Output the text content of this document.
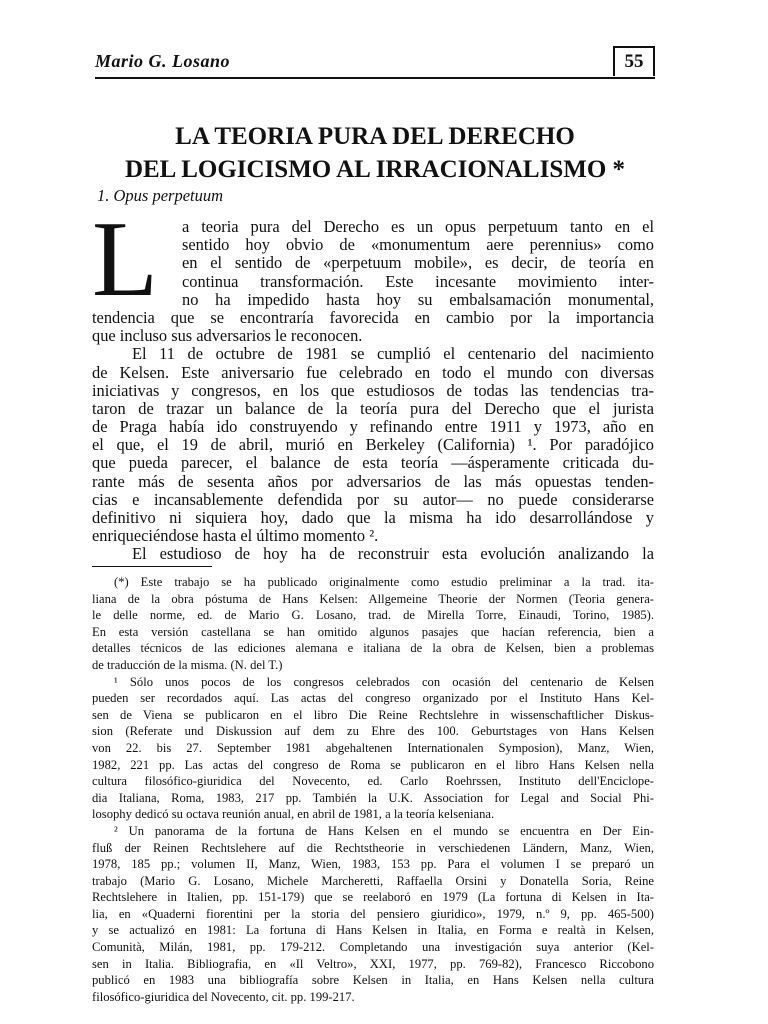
Mario G. Losano	55
LA TEORIA PURA DEL DERECHO
DEL LOGICISMO AL IRRACIONALISMO *
1. Opus perpetuum
L	a teoria pura del Derecho es un opus perpetuum tanto en el
sentido hoy obvio de «monumentum aere perennius» como
en el sentido de «perpetuum mobile», es decir, de teoría en
continua transformación. Este incesante movimiento inter-
no ha impedido hasta hoy su embalsamación monumental,
tendencia que se encontraría favorecida en cambio por la importancia
que incluso sus adversarios le reconocen.
El 11 de octubre de 1981 se cumplió el centenario del nacimiento
de Kelsen. Este aniversario fue celebrado en todo el mundo con diversas
iniciativas y congresos, en los que estudiosos de todas las tendencias tra-
taron de trazar un balance de la teoría pura del Derecho que el jurista
de Praga había ido construyendo y refinando entre 1911 y 1973, año en
el que, el 19 de abril, murió en Berkeley (California) ¹. Por paradójico
que pueda parecer, el balance de esta teoría —ásperamente criticada du-
rante más de sesenta años por adversarios de las más opuestas tenden-
cias e incansablemente defendida por su autor— no puede considerarse
definitivo ni siquiera hoy, dado que la misma ha ido desarrollándose y
enriqueciéndose hasta el último momento ².
El estudioso de hoy ha de reconstruir esta evolución analizando la
(*) Este trabajo se ha publicado originalmente como estudio preliminar a la trad. ita-
liana de la obra póstuma de Hans Kelsen: Allgemeine Theorie der Normen (Teoria genera-
le delle norme, ed. de Mario G. Losano, trad. de Mirella Torre, Einaudi, Torino, 1985).
En esta versión castellana se han omitido algunos pasajes que hacían referencia, bien a
detalles técnicos de las ediciones alemana e italiana de la obra de Kelsen, bien a problemas
de traducción de la misma. (N. del T.)
¹ Sólo unos pocos de los congresos celebrados con ocasión del centenario de Kelsen
pueden ser recordados aquí. Las actas del congreso organizado por el Instituto Hans Kel-
sen de Viena se publicaron en el libro Die Reine Rechtslehre in wissenschaftlicher Diskus-
sion (Referate und Diskussion auf dem zu Ehre des 100. Geburtstages von Hans Kelsen
von 22. bis 27. September 1981 abgehaltenen Internationalen Symposion), Manz, Wien,
1982, 221 pp. Las actas del congreso de Roma se publicaron en el libro Hans Kelsen nella
cultura filosófico-giuridica del Novecento, ed. Carlo Roehrssen, Instituto dell'Enciclope-
dia Italiana, Roma, 1983, 217 pp. También la U.K. Association for Legal and Social Phi-
losophy dedicó su octava reunión anual, en abril de 1981, a la teoría kelseniana.
² Un panorama de la fortuna de Hans Kelsen en el mundo se encuentra en Der Ein-
fluß der Reinen Rechtslehere auf die Rechtstheorie in verschiedenen Ländern, Manz, Wien,
1978, 185 pp.; volumen II, Manz, Wien, 1983, 153 pp. Para el volumen I se preparó un
trabajo (Mario G. Losano, Michele Marcheretti, Raffaella Orsini y Donatella Soria, Reine
Rechtslehere in Italien, pp. 151-179) que se reelaboró en 1979 (La fortuna di Kelsen in Ita-
lia, en «Quaderni fiorentini per la storia del pensiero giuridico», 1979, n.º 9, pp. 465-500)
y se actualizó en 1981: La fortuna di Hans Kelsen in Italia, en Forma e realtà in Kelsen,
Comunità, Milán, 1981, pp. 179-212. Completando una investigación suya anterior (Kel-
sen in Italia. Bibliografia, en «Il Veltro», XXI, 1977, pp. 769-82), Francesco Riccobono
publicó en 1983 una bibliografía sobre Kelsen in Italia, en Hans Kelsen nella cultura
filosófico-giuridica del Novecento, cit. pp. 199-217.
